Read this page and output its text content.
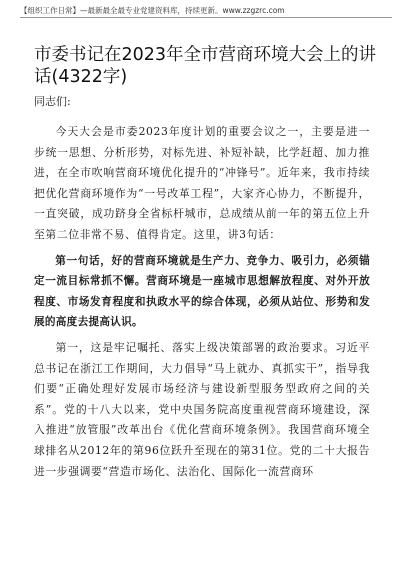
【组织工作日常】—最新最全最专业党建资料库，持续更新。www.zzgzrc.com
市委书记在2023年全市营商环境大会上的讲话(4322字)
同志们:

今天大会是市委2023年度计划的重要会议之一，主要是进一步统一思想、分析形势，对标先进、补短补缺，比学赶超、加力推进，在全市吹响营商环境优化提升的“冲锋号”。近年来，我市持续把优化营商环境作为“一号改革工程”，大家齐心协力，不断提升，一直突破，成功跻身全省标杆城市，总成绩从前一年的第五位上升至第二位非常不易、值得肯定。这里，讲3句话：

第一句话，好的营商环境就是生产力、竞争力、吸引力，必须锚定一流目标常抓不懈。营商环境是一座城市思想解放程度、对外开放程度、市场发育程度和执政水平的综合体现，必须从站位、形势和发展的高度去提高认识。

第一，这是牢记嘱托、落实上级决策部署的政治要求。习近平总书记在浙江工作期间，大力倡导“马上就办、真抓实干”，指导我们要“正确处理好发展市场经济与建设新型服务型政府之间的关系”。党的十八大以来，党中央国务院高度重视营商环境建设，深入推进“放管服”改革出台《优化营商环境条例》。我国营商环境全球排名从2012年的第96位跃升至现在的第31位。党的二十大报告进一步强调要“营造市场化、法治化、国际化一流营商环
